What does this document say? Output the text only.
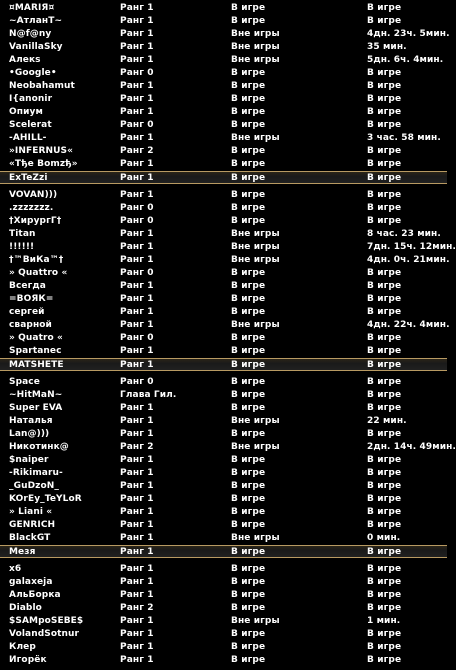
¤MARIЯ¤	Ранг 1	В игре	В игре
~АтланТ~	Ранг 1	В игре	В игре
N@f@ny	Ранг 1	Вне игры	4дн. 23ч. 5мин.
VanillaSky	Ранг 1	Вне игры	35 мин.
Алекs	Ранг 1	Вне игры	5дн. 6ч. 4мин.
•Google•	Ранг 0	В игре	В игре
Neobahamut	Ранг 1	В игре	В игре
I{anonir	Ранг 1	В игре	В игре
Опиум	Ранг 1	В игре	В игре
Scelerat	Ранг 0	В игре	В игре
-AHILL-	Ранг 1	Вне игры	3 час. 58 мин.
»INFERNUS«	Ранг 2	В игре	В игре
«Tђe Bomzђ»	Ранг 1	В игре	В игре
ExTeZzi	Ранг 1	В игре	В игре
VOVAN)))	Ранг 1	В игре	В игре
.zzzzzzz.	Ранг 0	В игре	В игре
†ХирургГ†	Ранг 0	В игре	В игре
Titan	Ранг 1	Вне игры	8 час. 23 мин.
!!!!!!	Ранг 1	Вне игры	7дн. 15ч. 12мин.
†™ВиКа™†	Ранг 1	Вне игры	4дн. 0ч. 21мин.
» Quattro «	Ранг 0	В игре	В игре
Всегда	Ранг 1	В игре	В игре
=ВОЯК=	Ранг 1	В игре	В игре
сергей	Ранг 1	В игре	В игре
сварной	Ранг 1	Вне игры	4дн. 22ч. 4мин.
» Quatro «	Ранг 0	В игре	В игре
Spartanec	Ранг 1	В игре	В игре
MATSHETE	Ранг 1	В игре	В игре
Space	Ранг 0	В игре	В игре
~HitMaN~	Глава Гил.	В игре	В игре
Super EVA	Ранг 1	В игре	В игре
Наталья	Ранг 1	Вне игры	22 мин.
Lan@)))	Ранг 1	В игре	В игре
Никотинк@	Ранг 2	Вне игры	2дн. 14ч. 49мин.
$naiper	Ранг 1	В игре	В игре
-Rikimaru-	Ранг 1	В игре	В игре
_GuDzoN_	Ранг 1	В игре	В игре
KOrEy_TeYLoR	Ранг 1	В игре	В игре
» Liani «	Ранг 1	В игре	В игре
GENRICH	Ранг 1	В игре	В игре
BlackGT	Ранг 1	Вне игры	0 мин.
Мезя	Ранг 1	В игре	В игре
x6	Ранг 1	В игре	В игре
galaxeja	Ранг 1	В игре	В игре
АльБорка	Ранг 1	В игре	В игре
Diablo	Ранг 2	В игре	В игре
$SAMpoSEBE$	Ранг 1	Вне игры	1 мин.
VolandSotnur	Ранг 1	В игре	В игре
Клер	Ранг 1	В игре	В игре
Игорёк	Ранг 1	В игре	В игре
